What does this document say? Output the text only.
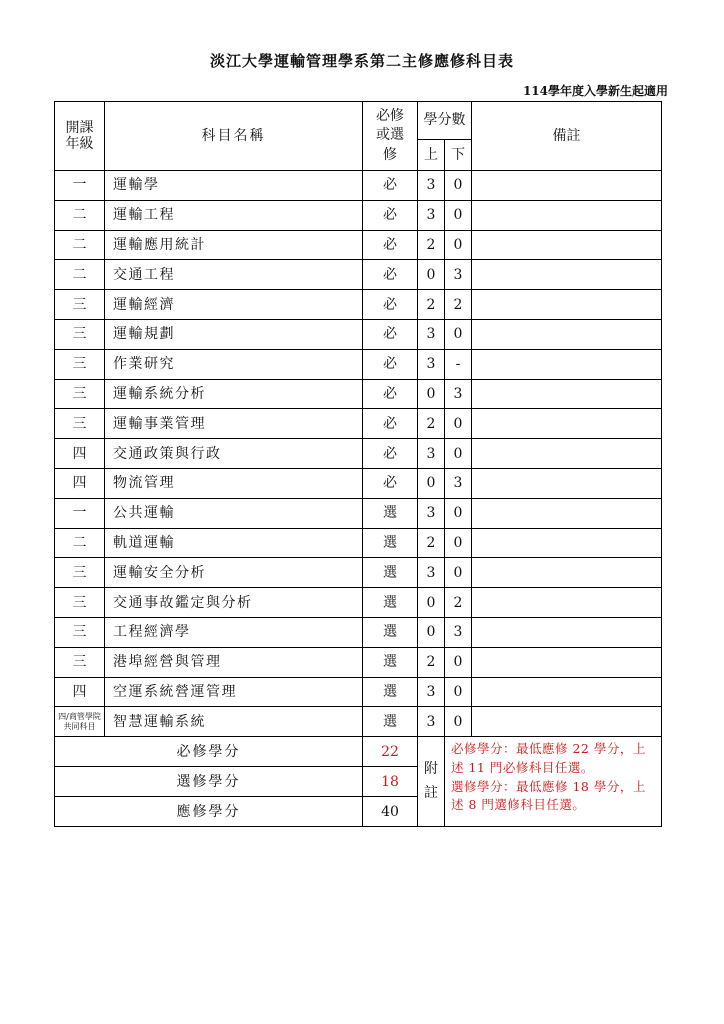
淡江大學運輸管理學系第二主修應修科目表
114學年度入學新生起適用
開課年級	科目名稱	必修或選修	學分數		備註
			上	下	
一	運輸學	必	3	0	
二	運輸工程	必	3	0	
二	運輸應用統計	必	2	0	
二	交通工程	必	0	3	
三	運輸經濟	必	2	2	
三	運輸規劃	必	3	0	
三	作業研究	必	3	-	
三	運輸系統分析	必	0	3	
三	運輸事業管理	必	2	0	
四	交通政策與行政	必	3	0	
四	物流管理	必	0	3	
一	公共運輸	選	3	0	
二	軌道運輸	選	2	0	
三	運輸安全分析	選	3	0	
三	交通事故鑑定與分析	選	0	2	
三	工程經濟學	選	0	3	
三	港埠經營與管理	選	2	0	
四	空運系統營運管理	選	3	0	
四/商管學院共同科目	智慧運輸系統	選	3	0	
必修學分		22	附註	必修學分：最低應修 22 學分，上述 11 門必修科目任選。
選修學分：最低應修 18 學分，上述 8 門選修科目任選。	

選修學分		18			
應修學分		40			
